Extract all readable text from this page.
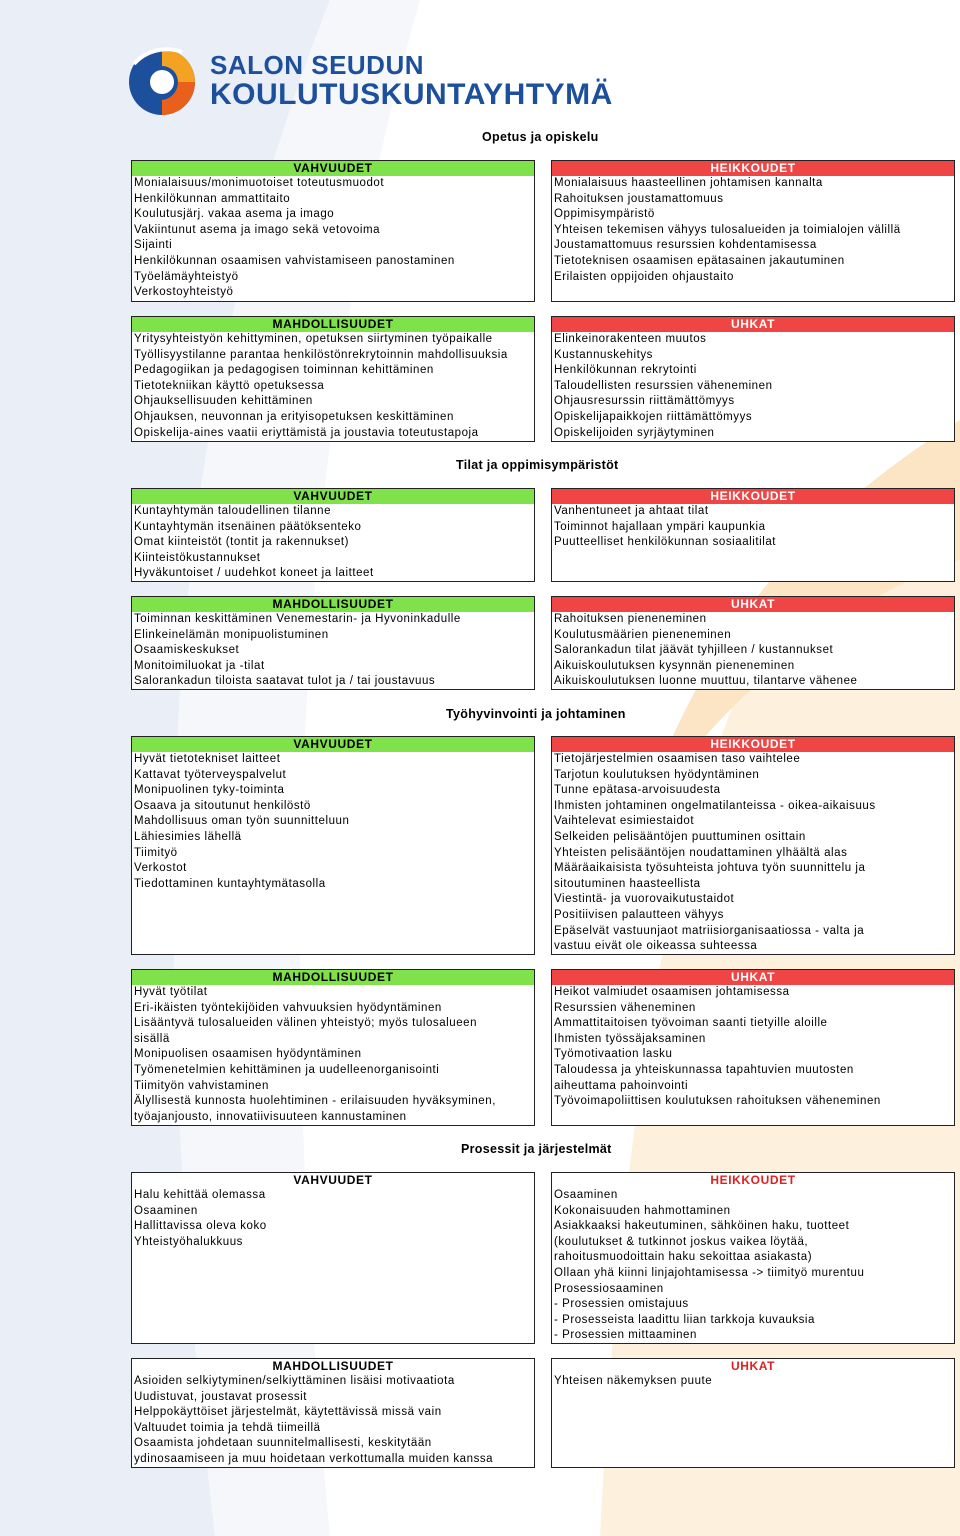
SALON SEUDUN
KOULUTUSKUNTAYHTYMÄ
Opetus ja opiskelu
Tilat ja oppimisympäristöt
Työhyvinvointi ja johtaminen
Prosessit ja järjestelmät
VAHVUUDET
Monialaisuus/monimuotoiset toteutusmuodot
Henkilökunnan ammattitaito
Koulutusjärj. vakaa asema ja imago
Vakiintunut asema ja imago sekä vetovoima
Sijainti
Henkilökunnan osaamisen vahvistamiseen panostaminen
Työelämäyhteistyö
Verkostoyhteistyö
HEIKKOUDET
Monialaisuus haasteellinen johtamisen kannalta
Rahoituksen joustamattomuus
Oppimisympäristö
Yhteisen tekemisen vähyys tulosalueiden ja toimialojen välillä
Joustamattomuus resurssien kohdentamisessa
Tietoteknisen osaamisen epätasainen jakautuminen
Erilaisten oppijoiden ohjaustaito
MAHDOLLISUUDET
Yritysyhteistyön kehittyminen, opetuksen siirtyminen työpaikalle
Työllisyystilanne parantaa henkilöstönrekrytoinnin mahdollisuuksia
Pedagogiikan ja pedagogisen toiminnan kehittäminen
Tietotekniikan käyttö opetuksessa
Ohjauksellisuuden kehittäminen
Ohjauksen, neuvonnan ja erityisopetuksen keskittäminen
Opiskelija-aines vaatii eriyttämistä ja joustavia toteutustapoja
UHKAT
Elinkeinorakenteen muutos
Kustannuskehitys
Henkilökunnan rekrytointi
Taloudellisten resurssien väheneminen
Ohjausresurssin riittämättömyys
Opiskelijapaikkojen riittämättömyys
Opiskelijoiden syrjäytyminen
VAHVUUDET
Kuntayhtymän taloudellinen tilanne
Kuntayhtymän itsenäinen päätöksenteko
Omat kiinteistöt (tontit ja rakennukset)
Kiinteistökustannukset
Hyväkuntoiset / uudehkot koneet ja laitteet
HEIKKOUDET
Vanhentuneet ja ahtaat tilat
Toiminnot hajallaan ympäri kaupunkia
Puutteelliset henkilökunnan sosiaalitilat
MAHDOLLISUUDET
Toiminnan keskittäminen Venemestarin- ja Hyvoninkadulle
Elinkeinelämän monipuolistuminen
Osaamiskeskukset
Monitoimiluokat ja -tilat
Salorankadun tiloista saatavat tulot ja / tai joustavuus
UHKAT
Rahoituksen pieneneminen
Koulutusmäärien pieneneminen
Salorankadun tilat jäävät tyhjilleen / kustannukset
Aikuiskoulutuksen kysynnän pieneneminen
Aikuiskoulutuksen luonne muuttuu, tilantarve vähenee
VAHVUUDET
Hyvät tietotekniset laitteet
Kattavat työterveyspalvelut
Monipuolinen tyky-toiminta
Osaava ja sitoutunut henkilöstö
Mahdollisuus oman työn suunnitteluun
Lähiesimies lähellä
Tiimityö
Verkostot
Tiedottaminen kuntayhtymätasolla
HEIKKOUDET
Tietojärjestelmien osaamisen taso vaihtelee
Tarjotun koulutuksen hyödyntäminen
Tunne epätasa-arvoisuudesta
Ihmisten johtaminen ongelmatilanteissa - oikea-aikaisuus
Vaihtelevat esimiestaidot
Selkeiden pelisääntöjen puuttuminen osittain
Yhteisten pelisääntöjen noudattaminen ylhäältä alas
Määräaikaisista työsuhteista johtuva työn suunnittelu ja
sitoutuminen haasteellista
Viestintä- ja vuorovaikutustaidot
Positiivisen palautteen vähyys
Epäselvät vastuunjaot matriisiorganisaatiossa - valta ja
vastuu eivät ole oikeassa suhteessa
MAHDOLLISUUDET
Hyvät työtilat
Eri-ikäisten työntekijöiden vahvuuksien hyödyntäminen
Lisääntyvä tulosalueiden välinen yhteistyö; myös tulosalueen
sisällä
Monipuolisen osaamisen hyödyntäminen
Työmenetelmien kehittäminen ja uudelleenorganisointi
Tiimityön vahvistaminen
Älyllisestä kunnosta huolehtiminen - erilaisuuden hyväksyminen,
työajanjousto, innovatiivisuuteen kannustaminen
UHKAT
Heikot valmiudet osaamisen johtamisessa
Resurssien väheneminen
Ammattitaitoisen työvoiman saanti tietyille aloille
Ihmisten työssäjaksaminen
Työmotivaation lasku
Taloudessa ja yhteiskunnassa tapahtuvien muutosten
aiheuttama pahoinvointi
Työvoimapoliittisen koulutuksen rahoituksen väheneminen
VAHVUUDET
Halu kehittää olemassa
Osaaminen
Hallittavissa oleva koko
Yhteistyöhalukkuus
HEIKKOUDET
Osaaminen
Kokonaisuuden hahmottaminen
Asiakkaaksi hakeutuminen, sähköinen haku, tuotteet
(koulutukset & tutkinnot joskus vaikea löytää,
rahoitusmuodoittain haku sekoittaa asiakasta)
Ollaan yhä kiinni linjajohtamisessa -> tiimityö murentuu
Prosessiosaaminen
- Prosessien omistajuus
- Prosesseista laadittu liian tarkkoja kuvauksia
- Prosessien mittaaminen
MAHDOLLISUUDET
Asioiden selkiytyminen/selkiyttäminen lisäisi motivaatiota
Uudistuvat, joustavat prosessit
Helppokäyttöiset järjestelmät, käytettävissä missä vain
Valtuudet toimia ja tehdä tiimeillä
Osaamista johdetaan suunnitelmallisesti, keskitytään
ydinosaamiseen ja muu hoidetaan verkottumalla muiden kanssa
UHKAT
Yhteisen näkemyksen puute
